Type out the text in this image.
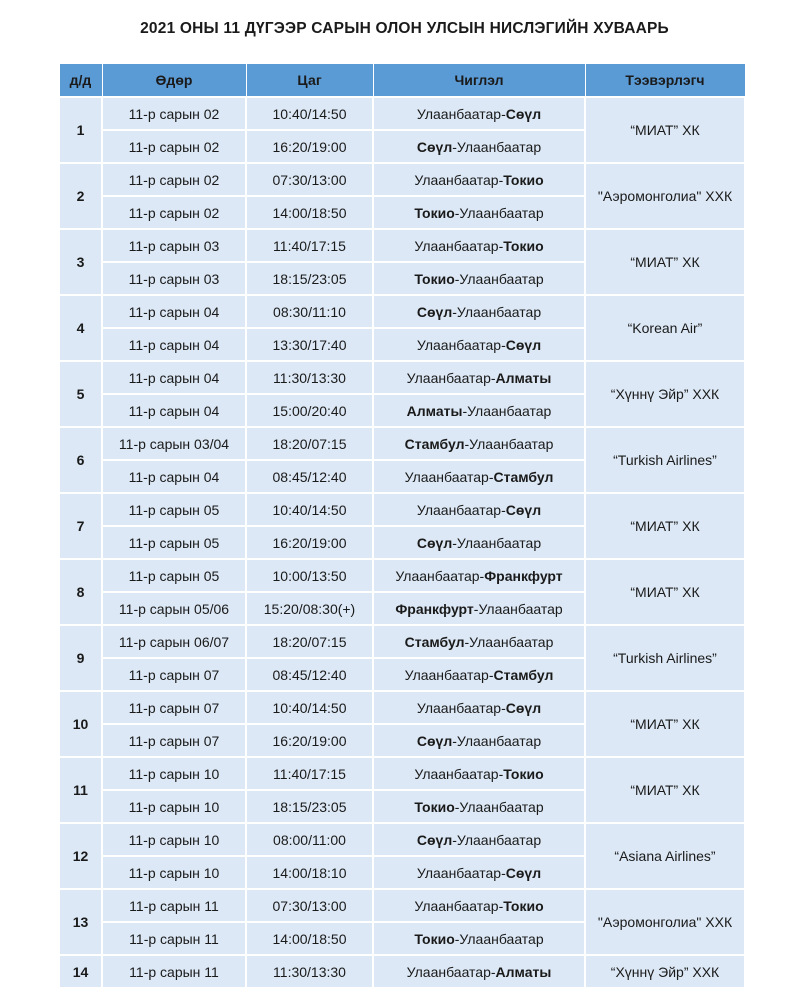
2021 ОНЫ 11 ДҮГЭЭР САРЫН ОЛОН УЛСЫН НИСЛЭГИЙН ХУВААРЬ
д/д	Өдөр	Цаг	Чиглэл	Тээвэрлэгч
1	11-р сарын 02	10:40/14:50	Улаанбаатар-Сөүл	“МИАТ” ХК
	11-р сарын 02	16:20/19:00	Сөүл-Улаанбаатар	
2	11-р сарын 02	07:30/13:00	Улаанбаатар-Токио	"Аэромонголиа" ХХК
	11-р сарын 02	14:00/18:50	Токио-Улаанбаатар	
3	11-р сарын 03	11:40/17:15	Улаанбаатар-Токио	“МИАТ” ХК
	11-р сарын 03	18:15/23:05	Токио-Улаанбаатар	
4	11-р сарын 04	08:30/11:10	Сөүл-Улаанбаатар	“Korean Air”
	11-р сарын 04	13:30/17:40	Улаанбаатар-Сөүл	
5	11-р сарын 04	11:30/13:30	Улаанбаатар-Алматы	“Хүннү Эйр” ХХК
	11-р сарын 04	15:00/20:40	Алматы-Улаанбаатар	
6	11-р сарын 03/04	18:20/07:15	Стамбул-Улаанбаатар	“Turkish Airlines”
	11-р сарын 04	08:45/12:40	Улаанбаатар-Стамбул	
7	11-р сарын 05	10:40/14:50	Улаанбаатар-Сөүл	“МИАТ” ХК
	11-р сарын 05	16:20/19:00	Сөүл-Улаанбаатар	
8	11-р сарын 05	10:00/13:50	Улаанбаатар-Франкфурт	“МИАТ” ХК
	11-р сарын 05/06	15:20/08:30(+)	Франкфурт-Улаанбаатар	
9	11-р сарын 06/07	18:20/07:15	Стамбул-Улаанбаатар	“Turkish Airlines”
	11-р сарын 07	08:45/12:40	Улаанбаатар-Стамбул	
10	11-р сарын 07	10:40/14:50	Улаанбаатар-Сөүл	“МИАТ” ХК
	11-р сарын 07	16:20/19:00	Сөүл-Улаанбаатар	
11	11-р сарын 10	11:40/17:15	Улаанбаатар-Токио	“МИАТ” ХК
	11-р сарын 10	18:15/23:05	Токио-Улаанбаатар	
12	11-р сарын 10	08:00/11:00	Сөүл-Улаанбаатар	“Asiana Airlines”
	11-р сарын 10	14:00/18:10	Улаанбаатар-Сөүл	
13	11-р сарын 11	07:30/13:00	Улаанбаатар-Токио	"Аэромонголиа" ХХК
	11-р сарын 11	14:00/18:50	Токио-Улаанбаатар	
14	11-р сарын 11	11:30/13:30	Улаанбаатар-Алматы	“Хүннү Эйр” ХХК
